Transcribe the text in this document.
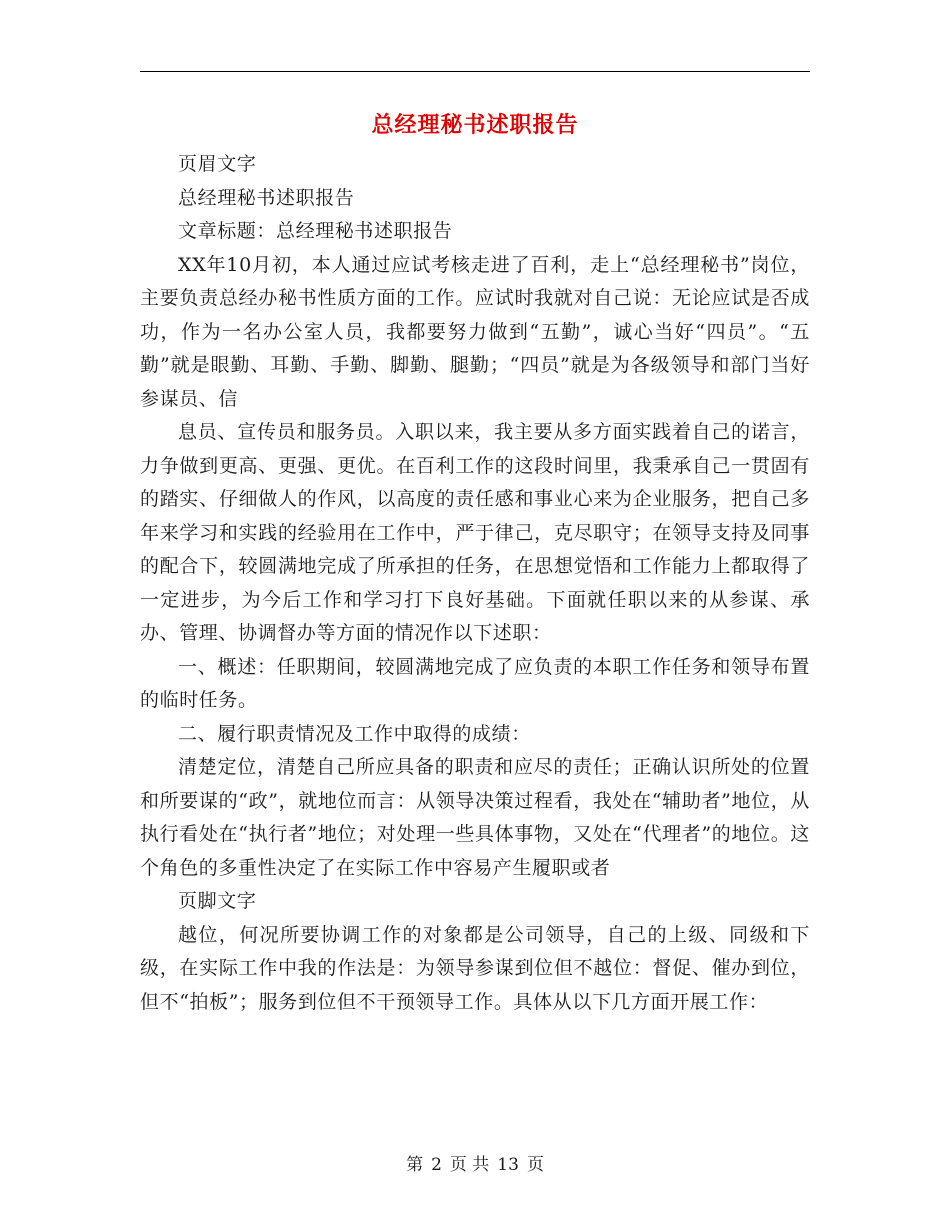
总经理秘书述职报告

页眉文字

总经理秘书述职报告

文章标题：总经理秘书述职报告

XX年10月初，本人通过应试考核走进了百利，走上“总经理秘书”岗位，主要负责总经办秘书性质方面的工作。应试时我就对自己说：无论应试是否成功，作为一名办公室人员，我都要努力做到“五勤”，诚心当好“四员”。“五勤”就是眼勤、耳勤、手勤、脚勤、腿勤；“四员”就是为各级领导和部门当好参谋员、信

息员、宣传员和服务员。入职以来，我主要从多方面实践着自己的诺言，力争做到更高、更强、更优。在百利工作的这段时间里，我秉承自己一贯固有的踏实、仔细做人的作风，以高度的责任感和事业心来为企业服务，把自己多年来学习和实践的经验用在工作中，严于律己，克尽职守；在领导支持及同事的配合下，较圆满地完成了所承担的任务，在思想觉悟和工作能力上都取得了一定进步，为今后工作和学习打下良好基础。下面就任职以来的从参谋、承办、管理、协调督办等方面的情况作以下述职：

一、概述：任职期间，较圆满地完成了应负责的本职工作任务和领导布置的临时任务。

二、履行职责情况及工作中取得的成绩：

清楚定位，清楚自己所应具备的职责和应尽的责任；正确认识所处的位置和所要谋的“政”，就地位而言：从领导决策过程看，我处在“辅助者”地位，从执行看处在“执行者”地位；对处理一些具体事物，又处在“代理者”的地位。这个角色的多重性决定了在实际工作中容易产生履职或者

页脚文字

越位，何况所要协调工作的对象都是公司领导，自己的上级、同级和下级，在实际工作中我的作法是：为领导参谋到位但不越位：督促、催办到位，但不“拍板”；服务到位但不干预领导工作。具体从以下几方面开展工作：

第 2 页 共 13 页
